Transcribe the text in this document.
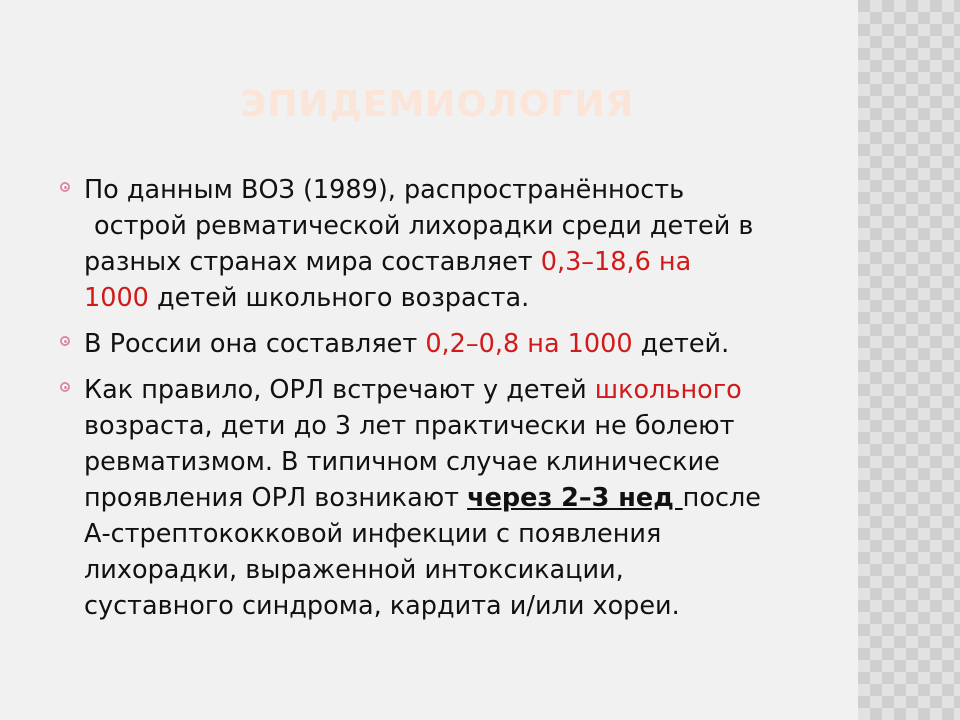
ЭПИДЕМИОЛОГИЯ
По данным ВОЗ (1989), распространённость
острой ревматической лихорадки среди детей в
разных странах мира составляет 0,3–18,6 на
1000 детей школьного возраста.
В России она составляет 0,2–0,8 на 1000 детей.
Как правило, ОРЛ встречают у детей школьного
возраста, дети до 3 лет практически не болеют
ревматизмом. В типичном случае клинические
проявления ОРЛ возникают через 2–3 нед после
А-стрептококковой инфекции с появления
лихорадки, выраженной интоксикации,
суставного синдрома, кардита и/или хореи.
